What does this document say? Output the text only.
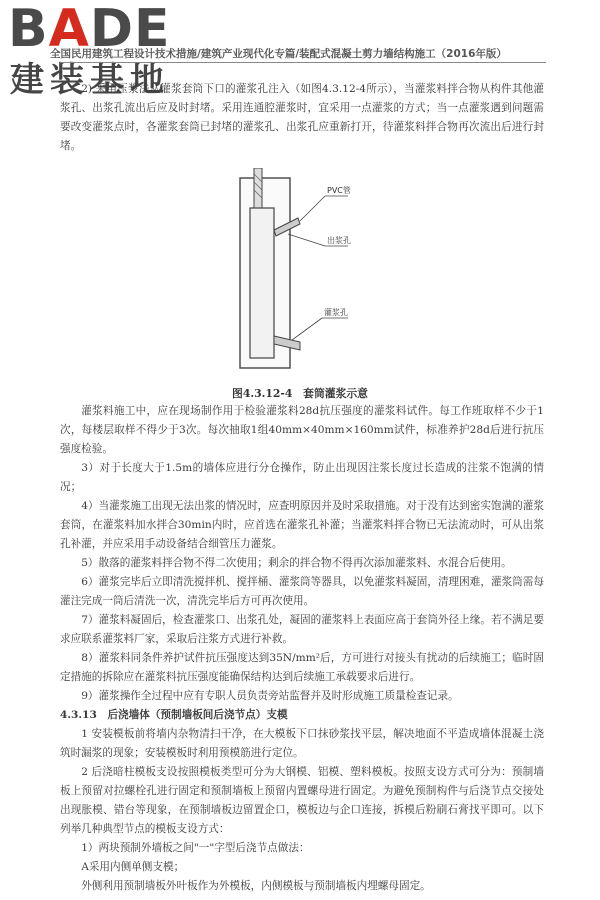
BADE
全国民用建筑工程设计技术措施/建筑产业现代化专篇/装配式混凝土剪力墙结构施工（2016年版）
建装基地

2) 采用压浆法从灌浆套筒下口的灌浆孔注入（如图4.3.12-4所示），当灌浆料拌合物从构件其他灌浆孔、出浆孔流出后应及时封堵。采用连通腔灌浆时，宜采用一点灌浆的方式；当一点灌浆遇到问题需要改变灌浆点时，各灌浆套筒已封堵的灌浆孔、出浆孔应重新打开，待灌浆料拌合物再次流出后进行封堵。

PVC管
出浆孔
灌浆孔
图4.3.12-4　套筒灌浆示意

灌浆料施工中，应在现场制作用于检验灌浆料28d抗压强度的灌浆料试件。每工作班取样不少于1次，每楼层取样不得少于3次。每次抽取1组40mm×40mm×160mm试件，标准养护28d后进行抗压强度检验。

3）对于长度大于1.5m的墙体应进行分仓操作，防止出现因注浆长度过长造成的注浆不饱满的情况；

4）当灌浆施工出现无法出浆的情况时，应查明原因并及时采取措施。对于没有达到密实饱满的灌浆套筒，在灌浆料加水拌合30min内时，应首选在灌浆孔补灌；当灌浆料拌合物已无法流动时，可从出浆孔补灌，并应采用手动设备结合细管压力灌浆。

5）散落的灌浆料拌合物不得二次使用；剩余的拌合物不得再次添加灌浆料、水混合后使用。

6）灌浆完毕后立即清洗搅拌机、搅拌桶、灌浆筒等器具，以免灌浆料凝固，清理困难，灌浆筒需每灌注完成一筒后清洗一次，清洗完毕后方可再次使用。

7）灌浆料凝固后，检查灌浆口、出浆孔处，凝固的灌浆料上表面应高于套筒外径上缘。若不满足要求应联系灌浆料厂家，采取后注浆方式进行补救。

8）灌浆料同条件养护试件抗压强度达到35N/mm²后，方可进行对接头有扰动的后续施工；临时固定措施的拆除应在灌浆料抗压强度能确保结构达到后续施工承载要求后进行。

9）灌浆操作全过程中应有专职人员负责旁站监督并及时形成施工质量检查记录。

4.3.13　后浇墙体（预制墙板间后浇节点）支模

1 安装模板前将墙内杂物清扫干净，在大模板下口抹砂浆找平层，解决地面不平造成墙体混凝土浇筑时漏浆的现象；安装模板时利用预模筋进行定位。

2 后浇暗柱模板支设按照模板类型可分为大钢模、铝模、塑料模板。按照支设方式可分为：预制墙板上预留对拉螺栓孔进行固定和预制墙板上预留内置螺母进行固定。为避免预制构件与后浇节点交接处出现胀模、错台等现象，在预制墙板边留置企口，模板边与企口连接，拆模后粉刷石膏找平即可。以下列举几种典型节点的模板支设方式：

1）两块预制外墙板之间"一"字型后浇节点做法：

A采用内侧单侧支模；

外侧利用预制墙板外叶板作为外模板，内侧模板与预制墙板内埋螺母固定。
